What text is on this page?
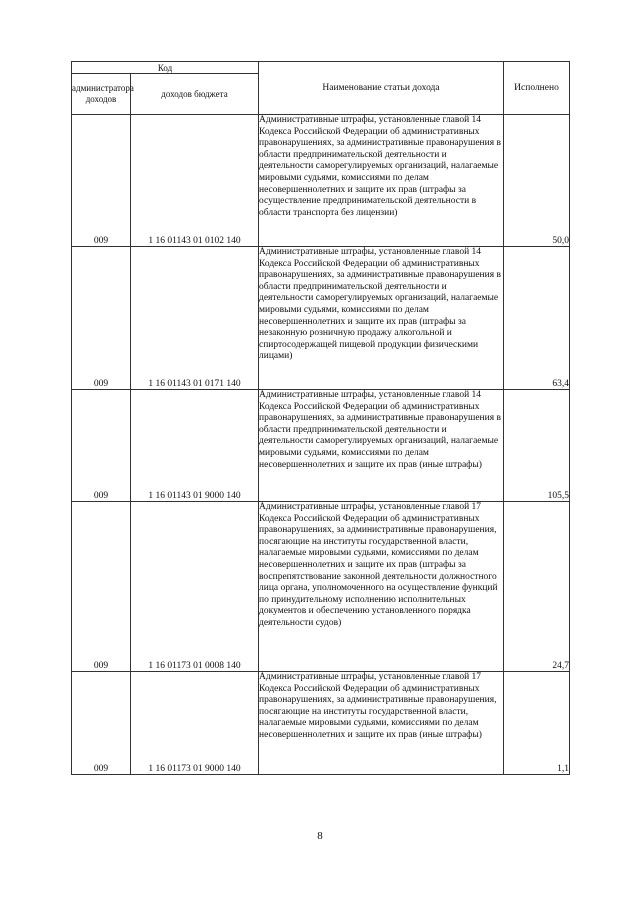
Код		Наименование статьи дохода	Исполнено
администратора доходов	доходов бюджета		
009	1 16 01143 01 0102 140	Административные штрафы, установленные главой 14 Кодекса Российской Федерации об административных правонарушениях, за административные правонарушения в области предпринимательской деятельности и деятельности саморегулируемых организаций, налагаемые мировыми судьями, комиссиями по делам несовершеннолетних и защите их прав (штрафы за осуществление предпринимательской деятельности в области транспорта без лицензии)	50,0
009	1 16 01143 01 0171 140	Административные штрафы, установленные главой 14 Кодекса Российской Федерации об административных правонарушениях, за административные правонарушения в области предпринимательской деятельности и деятельности саморегулируемых организаций, налагаемые мировыми судьями, комиссиями по делам несовершеннолетних и защите их прав (штрафы за незаконную розничную продажу алкогольной и спиртосодержащей пищевой продукции физическими лицами)	63,4
009	1 16 01143 01 9000 140	Административные штрафы, установленные главой 14 Кодекса Российской Федерации об административных правонарушениях, за административные правонарушения в области предпринимательской деятельности и деятельности саморегулируемых организаций, налагаемые мировыми судьями, комиссиями по делам несовершеннолетних и защите их прав (иные штрафы)	105,5
009	1 16 01173 01 0008 140	Административные штрафы, установленные главой 17 Кодекса Российской Федерации об административных правонарушениях, за административные правонарушения, посягающие на институты государственной власти, налагаемые мировыми судьями, комиссиями по делам несовершеннолетних и защите их прав (штрафы за воспрепятствование законной деятельности должностного лица органа, уполномоченного на осуществление функций по принудительному исполнению исполнительных документов и обеспечению установленного порядка деятельности судов)	24,7
009	1 16 01173 01 9000 140	Административные штрафы, установленные главой 17 Кодекса Российской Федерации об административных правонарушениях, за административные правонарушения, посягающие на институты государственной власти, налагаемые мировыми судьями, комиссиями по делам несовершеннолетних и защите их прав (иные штрафы)	1,1
8
